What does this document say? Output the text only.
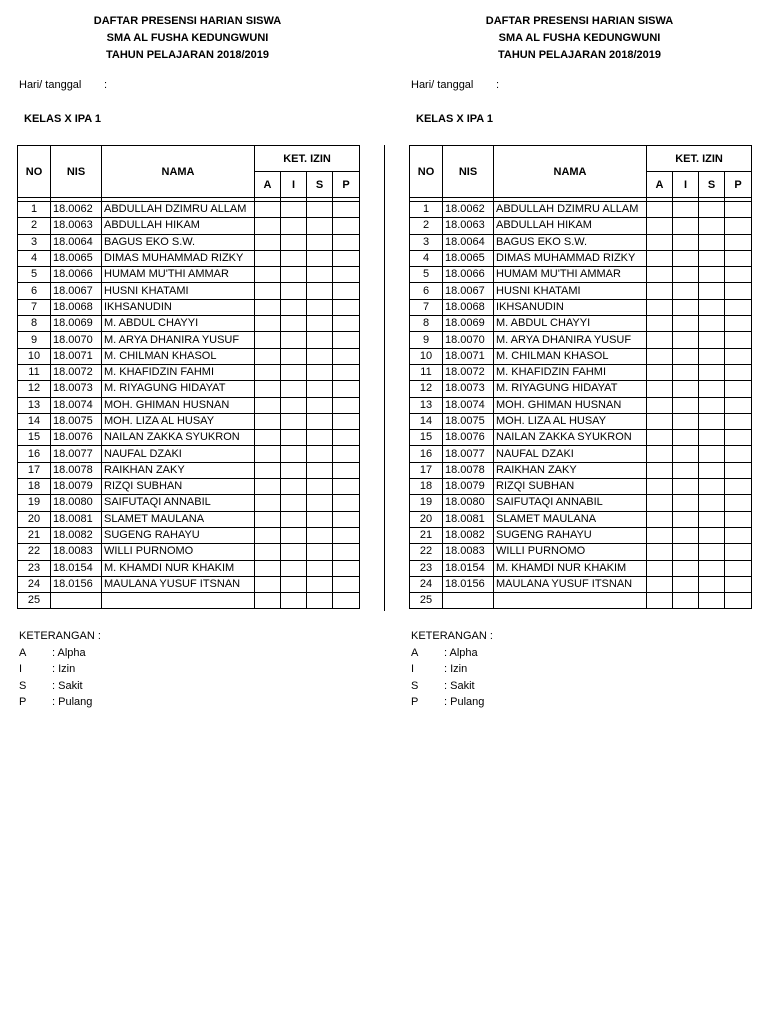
DAFTAR PRESENSI HARIAN SISWA
SMA AL FUSHA KEDUNGWUNI
TAHUN PELAJARAN 2018/2019
Hari/ tanggal :
KELAS X IPA 1
NO	NIS	NAMA	KET. IZIN			
			A	I	S	P

1	18.0062	ABDULLAH DZIMRU ALLAM				
2	18.0063	ABDULLAH HIKAM				
3	18.0064	BAGUS EKO S.W.				
4	18.0065	DIMAS MUHAMMAD RIZKY				
5	18.0066	HUMAM MU'THI AMMAR				
6	18.0067	HUSNI KHATAMI				
7	18.0068	IKHSANUDIN				
8	18.0069	M. ABDUL CHAYYI				
9	18.0070	M. ARYA DHANIRA YUSUF				
10	18.0071	M. CHILMAN KHASOL				
11	18.0072	M. KHAFIDZIN FAHMI				
12	18.0073	M. RIYAGUNG HIDAYAT				
13	18.0074	MOH. GHIMAN HUSNAN				
14	18.0075	MOH. LIZA AL HUSAY				
15	18.0076	NAILAN ZAKKA SYUKRON				
16	18.0077	NAUFAL DZAKI				
17	18.0078	RAIKHAN ZAKY				
18	18.0079	RIZQI SUBHAN				
19	18.0080	SAIFUTAQI ANNABIL				
20	18.0081	SLAMET MAULANA				
21	18.0082	SUGENG RAHAYU				
22	18.0083	WILLI PURNOMO				
23	18.0154	M. KHAMDI NUR KHAKIM				
24	18.0156	MAULANA YUSUF ITSNAN				
25						
KETERANGAN :
A : Alpha
I	: Izin
S : Sakit
P : Pulang
DAFTAR PRESENSI HARIAN SISWA
SMA AL FUSHA KEDUNGWUNI
TAHUN PELAJARAN 2018/2019
Hari/ tanggal :
KELAS X IPA 1
NO	NIS	NAMA	KET. IZIN			
			A	I	S	P

1	18.0062	ABDULLAH DZIMRU ALLAM				
2	18.0063	ABDULLAH HIKAM				
3	18.0064	BAGUS EKO S.W.				
4	18.0065	DIMAS MUHAMMAD RIZKY				
5	18.0066	HUMAM MU'THI AMMAR				
6	18.0067	HUSNI KHATAMI				
7	18.0068	IKHSANUDIN				
8	18.0069	M. ABDUL CHAYYI				
9	18.0070	M. ARYA DHANIRA YUSUF				
10	18.0071	M. CHILMAN KHASOL				
11	18.0072	M. KHAFIDZIN FAHMI				
12	18.0073	M. RIYAGUNG HIDAYAT				
13	18.0074	MOH. GHIMAN HUSNAN				
14	18.0075	MOH. LIZA AL HUSAY				
15	18.0076	NAILAN ZAKKA SYUKRON				
16	18.0077	NAUFAL DZAKI				
17	18.0078	RAIKHAN ZAKY				
18	18.0079	RIZQI SUBHAN				
19	18.0080	SAIFUTAQI ANNABIL				
20	18.0081	SLAMET MAULANA				
21	18.0082	SUGENG RAHAYU				
22	18.0083	WILLI PURNOMO				
23	18.0154	M. KHAMDI NUR KHAKIM				
24	18.0156	MAULANA YUSUF ITSNAN				
25						
KETERANGAN :
A : Alpha
I	: Izin
S : Sakit
P : Pulang
